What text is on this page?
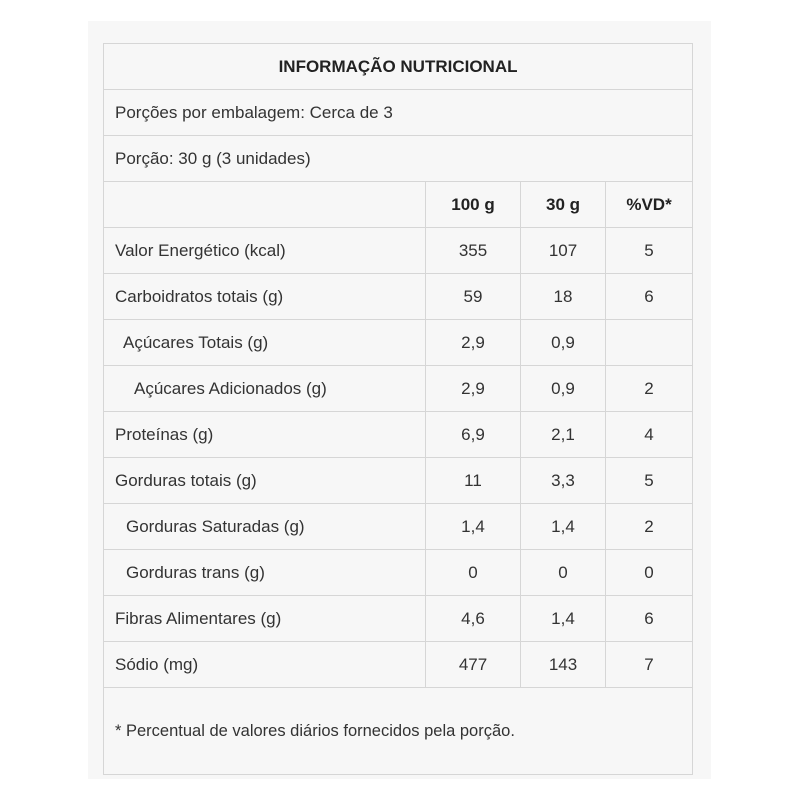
INFORMAÇÃO NUTRICIONAL			
Porções por embalagem: Cerca de 3			
Porção: 30 g (3 unidades)			
	100 g	30 g	%VD*
Valor Energético (kcal)	355	107	5
Carboidratos totais (g)	59	18	6
Açúcares Totais (g)	2,9	0,9	
Açúcares Adicionados (g)	2,9	0,9	2
Proteínas (g)	6,9	2,1	4
Gorduras totais (g)	11	3,3	5
Gorduras Saturadas (g)	1,4	1,4	2
Gorduras trans (g)	0	0	0
Fibras Alimentares (g)	4,6	1,4	6
Sódio (mg)	477	143	7
* Percentual de valores diários fornecidos pela porção.			
